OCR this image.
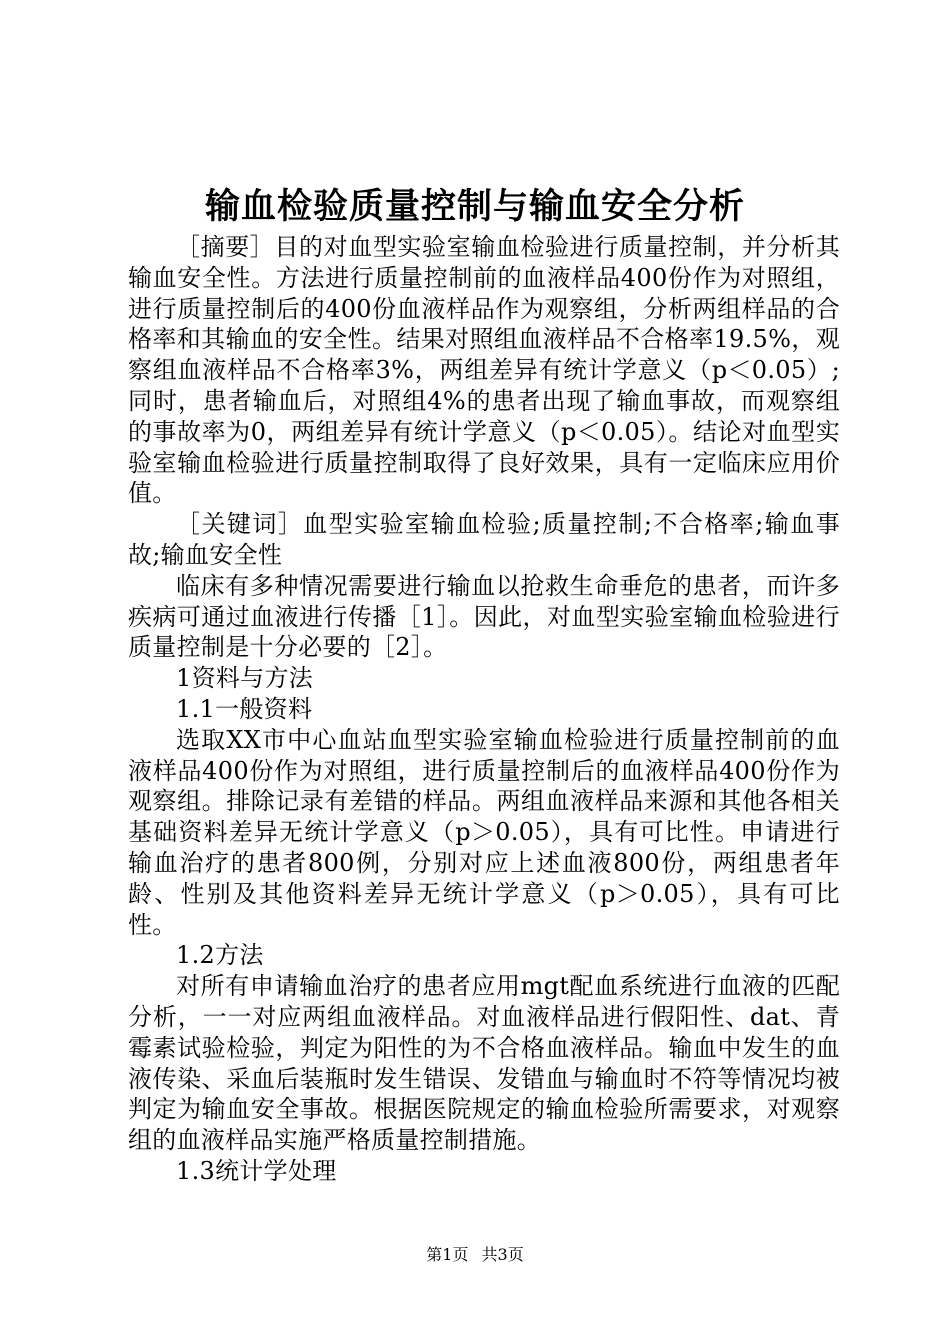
输血检验质量控制与输血安全分析

［摘要］目的对血型实验室输血检验进行质量控制，并分析其输血安全性。方法进行质量控制前的血液样品400份作为对照组，进行质量控制后的400份血液样品作为观察组，分析两组样品的合格率和其输血的安全性。结果对照组血液样品不合格率19.5%，观察组血液样品不合格率3%，两组差异有统计学意义（p＜0.05）;同时，患者输血后，对照组4%的患者出现了输血事故，而观察组的事故率为0，两组差异有统计学意义（p＜0.05）。结论对血型实验室输血检验进行质量控制取得了良好效果，具有一定临床应用价值。

［关键词］血型实验室输血检验;质量控制;不合格率;输血事故;输血安全性

临床有多种情况需要进行输血以抢救生命垂危的患者，而许多疾病可通过血液进行传播［1］。因此，对血型实验室输血检验进行质量控制是十分必要的［2］。

1资料与方法

1.1一般资料

选取XX市中心血站血型实验室输血检验进行质量控制前的血液样品400份作为对照组，进行质量控制后的血液样品400份作为观察组。排除记录有差错的样品。两组血液样品来源和其他各相关基础资料差异无统计学意义（p＞0.05），具有可比性。申请进行输血治疗的患者800例，分别对应上述血液800份，两组患者年龄、性别及其他资料差异无统计学意义（p＞0.05），具有可比性。

1.2方法

对所有申请输血治疗的患者应用mgt配血系统进行血液的匹配分析，一一对应两组血液样品。对血液样品进行假阳性、dat、青霉素试验检验，判定为阳性的为不合格血液样品。输血中发生的血液传染、采血后装瓶时发生错误、发错血与输血时不符等情况均被判定为输血安全事故。根据医院规定的输血检验所需要求，对观察组的血液样品实施严格质量控制措施。

1.3统计学处理

第1页 共3页
